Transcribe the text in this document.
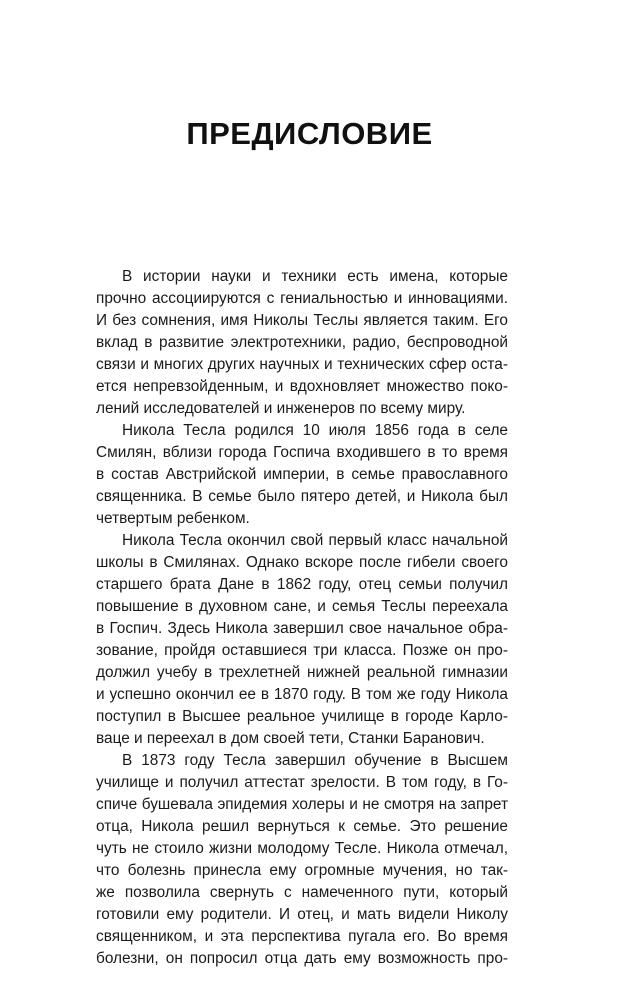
ПРЕДИСЛОВИЕ
В истории науки и техники есть имена, которые
прочно ассоциируются с гениальностью и инновациями.
И без сомнения, имя Николы Теслы является таким. Его
вклад в развитие электротехники, радио, беспроводной
связи и многих других научных и технических сфер оста-
ется непревзойденным, и вдохновляет множество поко-
лений исследователей и инженеров по всему миру.
Никола Тесла родился 10 июля 1856 года в селе
Смилян, вблизи города Госпича входившего в то время
в состав Австрийской империи, в семье православного
священника. В семье было пятеро детей, и Никола был
четвертым ребенком.
Никола Тесла окончил свой первый класс начальной
школы в Смилянах. Однако вскоре после гибели своего
старшего брата Дане в 1862 году, отец семьи получил
повышение в духовном сане, и семья Теслы переехала
в Госпич. Здесь Никола завершил свое начальное обра-
зование, пройдя оставшиеся три класса. Позже он про-
должил учебу в трехлетней нижней реальной гимназии
и успешно окончил ее в 1870 году. В том же году Никола
поступил в Высшее реальное училище в городе Карло-
ваце и переехал в дом своей тети, Станки Баранович.
В 1873 году Тесла завершил обучение в Высшем
училище и получил аттестат зрелости. В том году, в Го-
спиче бушевала эпидемия холеры и не смотря на запрет
отца, Никола решил вернуться к семье. Это решение
чуть не стоило жизни молодому Тесле. Никола отмечал,
что болезнь принесла ему огромные мучения, но так-
же позволила свернуть с намеченного пути, который
готовили ему родители. И отец, и мать видели Николу
священником, и эта перспектива пугала его. Во время
болезни, он попросил отца дать ему возможность про-
